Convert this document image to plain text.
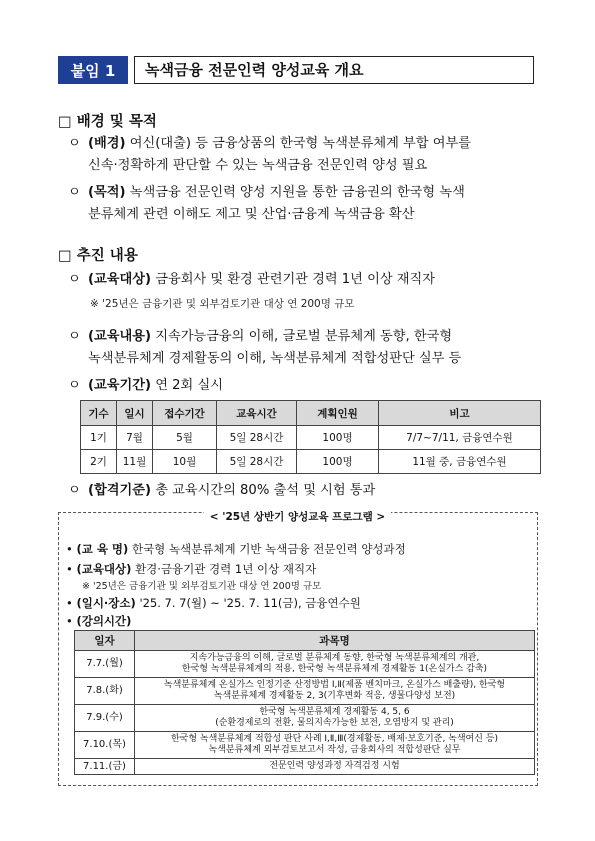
붙임 1	녹색금융 전문인력 양성교육 개요
□ 배경 및 목적
ㅇ (배경) 여신(대출) 등 금융상품의 한국형 녹색분류체계 부합 여부를
신속·정확하게 판단할 수 있는 녹색금융 전문인력 양성 필요
ㅇ (목적) 녹색금융 전문인력 양성 지원을 통한 금융권의 한국형 녹색
분류체계 관련 이해도 제고 및 산업·금융계 녹색금융 확산
□ 추진 내용
ㅇ (교육대상) 금융회사 및 환경 관련기관 경력 1년 이상 재직자
※ '25년은 금융기관 및 외부검토기관 대상 연 200명 규모
ㅇ (교육내용) 지속가능금융의 이해, 글로벌 분류체계 동향, 한국형
녹색분류체계 경제활동의 이해, 녹색분류체계 적합성판단 실무 등
ㅇ (교육기간) 연 2회 실시
기수	일시	접수기간	교육시간	계획인원	비고
1기	7월	5월	5일 28시간	100명	7/7~7/11, 금융연수원
2기	11월	10월	5일 28시간	100명	11월 중, 금융연수원
ㅇ (합격기준) 총 교육시간의 80% 출석 및 시험 통과
< '25년 상반기 양성교육 프로그램 >
• (교 육 명) 한국형 녹색분류체계 기반 녹색금융 전문인력 양성과정
• (교육대상) 환경·금융기관 경력 1년 이상 재직자
※ '25년은 금융기관 및 외부검토기관 대상 연 200명 규모
• (일시·장소) '25. 7. 7(월) ~ '25. 7. 11(금), 금융연수원
• (강의시간)
일자	과목명
7.7.(월)	지속가능금융의 이해, 글로벌 분류체계 동향, 한국형 녹색분류체계의 개관,
한국형 녹색분류체계의 적용, 한국형 녹색분류체계 경제활동 1(온실가스 감축)

7.8.(화)	녹색분류체계 온실가스 인정기준 산정방법 Ⅰ,Ⅱ(제품 벤치마크, 온실가스 배출량), 한국형
녹색분류체계 경제활동 2, 3(기후변화 적응, 생물다양성 보전)

7.9.(수)	한국형 녹색분류체계 경제활동 4, 5, 6
(순환경제로의 전환, 물의지속가능한 보전, 오염방지 및 관리)

7.10.(목)	한국형 녹색분류체계 적합성 판단 사례 Ⅰ,Ⅱ,Ⅲ(경제활동, 배제·보호기준, 녹색여신 등)
녹색분류체계 외부검토보고서 작성, 금융회사의 적합성판단 실무

7.11.(금)	전문인력 양성과정 자격검정 시험
